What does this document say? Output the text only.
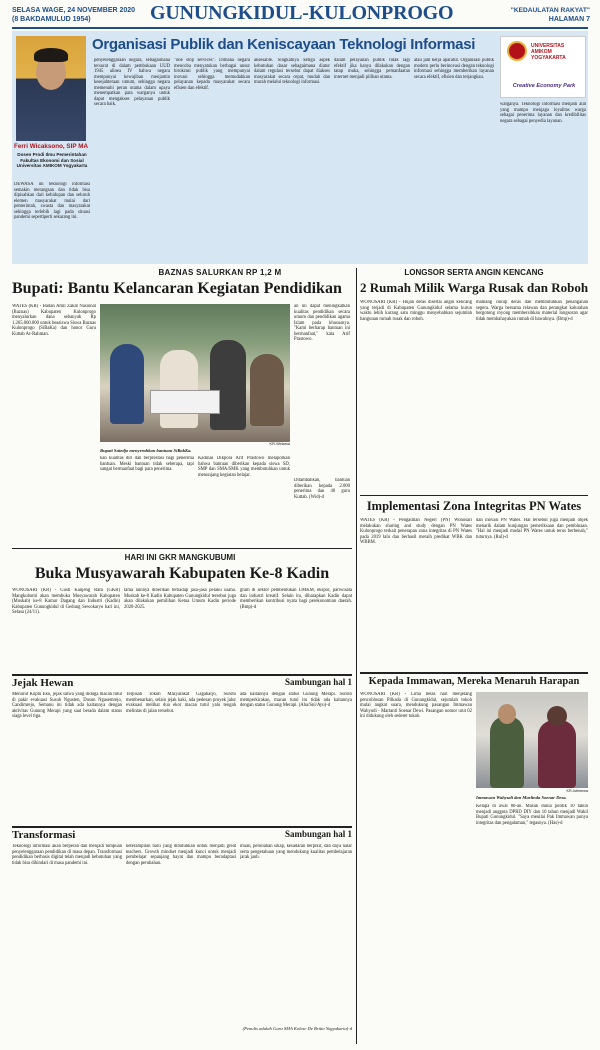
SELASA WAGE, 24 NOVEMBER 2020
(8 BAKDAMULUD 1954)	GUNUNGKIDUL-KULONPROGO	"KEDAULATAN RAKYAT"
HALAMAN 7
Organisasi Publik dan Keniscayaan Teknologi Informasi
Ferri Wicaksono, SIP MA
Dosen Prodi Ilmu Pemerintahan Fakultas Ekonomi dan Sosial Universitas AMIKOM Yogyakarta
DEWASA ini teknologi informasi semakin merangsan dan tidak bisa dipisahkan dari kehidupan dan seluruh elemen masyarakat mulai dari pemerintah, swasta dan masyarakat sehingga terlebih lagi pada situasi pandemi sepertiperti sekarang ini.
penyelenggaraan negara, sebagaimana tersurat di dalam pembukaan UUD 1945 alinea IV bahwa negara mempunyai kewajiban menjamin kesejahteraan umum, sehingga negara memenuhi peran utama dalam upaya menempatkan para warganya untuk dapat mengakses pelayanan publik secara baik.
"one stop services". Dimana negara mencoba menyatukan berbagai unsur birokrasi publik yang mempunyai inovasi sehingga memudahkan pelayanan kepada masyarakat secara efisien dan efektif.
aksesable. Singkatnya ketiga aspek kebutuhan dasar sebagaimana diatur dalam regulasi tersebut dapat diakses masyarakat secara cepat, mudah dan murah melalui teknologi informasi.
dalam pelayanan publik tidak lagi efektif jika hanya dilakukan dengan tatap muka, sehingga pemanfaatan internet menjadi pilihan utama.
atau jam kerja aparatur. Organisasi publik modern perlu berinovasi dengan teknologi informasi sehingga memberikan layanan secara efektif, efisien dan terjangkau.
UNIVERSITAS AMIKOM YOGYAKARTA
Creative Economy Park
warganya. Teknologi informasi menjadi alat yang mampu menjaga loyalitas warga sebagai penerima layanan dan kredibilitas negara sebagai penyedia layanan.
BAZNAS SALURKAN RP 1,2 M
Bupati: Bantu Kelancaran Kegiatan Pendidikan
WATES (KR) - Badan Amil Zakat Nasional (Baznas) Kabupaten Kulonprogo menyalurkan dana sebanyak Rp 1.265.060.000 untuk beasiswa Siswa Baznas Kulonprogo (SiBaKa) dan honor Guru Kuttab Ar-Rahman.
KR-Widarsa
Bupati Sutedjo menyerahkan bantuan SiBakKa.
kan kualitas diri dan berprestasi bagi penerima bantuan. Meski bantuan tidak seberapa, tapi sangat bermanfaat bagi para penerima.
Kadinas Dikpora Arif Prastowo melaporkan bahwa bantuan diberikan kepada siswa SD, SMP dan SMA/SMK yang membutuhkan untuk menunjang kegiatan belajar.
an ini dapat meningkatkan kualitas pendidikan secara umum dan pendidikan agama Islam pada khususnya. "Kami berharap bantuan ini bermanfaat," kata Arif Prastowo.
Ditambahkan, bantuan diberikan kepada 2.000 penerima dan 40 guru Kuttab. (Wid)-d
HARI INI GKR MANGKUBUMI
Buka Musyawarah Kabupaten Ke-8 Kadin
WONOSARI (KR) - Gusti Kanjeng Ratu (GKR) Mangkubumi akan membuka Musyawarah Kabupaten (Muskab) ke-8 Kamar Dagang dan Industri (Kadin) Kabupaten Gunungkidul di Gedung Sewokaryo hari ini, Selasa (24/11).
tama lainnya diberikan terhadap jasa-jasa pelaku usaha. Muskab ke-8 Kadin Kabupaten Gunungkidul tersebut juga akan dilakukan pemilihan Ketua Umum Kadin periode 2020-2025.
gram di sektor pembentukan UMKM, ekspor, pariwisata dan industri kreatif. Selain itu, diharapkan Kadin dapat memberikan kontribusi nyata bagi perekonomian daerah. (Bmp)-d
Jejak Hewan	Sambungan hal 1
Menurut Koptu Eko, jejak satwa yang diduga macan tutul di pakir evakuasi Susuh Ngusten, Dusun Ngasemrejo, Candimrejo, Semanu ini tidak ada kaitannya dengan aktivitas Gunung Merapi yang saat berada dalam status siaga level tiga.
Terpisah Tokoh Masyarakat Gagaharjo, Suroto membenarkan, selain jejak kaki, ada pedesan proyek jalur evakuasi melihat dua ekor macan tutul yalu tengah melintas di jalan tersebut.
ada kaitannya dengan status Gunung Merapi. Suroto memperkirakan, macan tutul itu tidak ada kaitannya dengan status Gunung Merapi. (Aha/Sni/Ayu)-d
Transformasi	Sambungan hal 1
Teknologi informasi akan berperan dan menjadi tumpuan penyelenggaraan pendidikan di masa depan. Transformasi pendidikan berbasis digital telah menjadi kebutuhan yang tidak bisa dihindari di masa pandemi ini.
keterampilan baru yang dibutuhkan untuk menjadi great teachers. Growth mindset menjadi kunci untuk menjadi pembelajar sepanjang hayat dan mampu beradaptasi dengan perubahan.
muan, perubahan sikap, kesadaran berpikir, dan daya nalar serta pengetahuan yang mendukung kualitas pembelajaran jarak jauh.
(Penulis adalah Guru SMA Kolese De Britto Yogyakarta)-d
LONGSOR SERTA ANGIN KENCANG
2 Rumah Milik Warga Rusak dan Roboh
WONOSARI (KR) - Hujan deras disertai angin kencang yang terjadi di Kabupaten Gunungkidul selama kurun waktu lebih kurang satu minggu menyebabkan sejumlah bangunan rumah rusak dan roboh.
mamang cukup deras dan membutuhkan penanganan segera. Warga bersama relawan dan perangkat kalurahan bergotong royong membersihkan material longsoran agar tidak membahayakan rumah di bawahnya. (Bmp)-d
Implementasi Zona Integritas PN Wates
WATES (KR) - Pengadilan Negeri (PN) Wonosari melakukan sharing and study dengan PN Wates Kulonprogo terkait penerapan zona integritas di PN Wates pada 2019 lalu dan berhasil meraih predikat WBK dan WBBM.
dan inovasi PN Wates. Hal tersebut juga menjadi objek menarik dalam kunjungan pemeriksaan dan pembinaan. "Hal ini menjadi modal PN Wates untuk terus berbenah," tuturnya. (Rul)-d
Kepada Immawan, Mereka Menaruh Harapan
WONOSARI (KR) - Lima belas hari menjelang pencoblosan Pilkada di Gunungkidul, sejumlah tokoh mulai angkat suara, mendukung pasangan Immawan Wahyudi - Martanti Soenar Dewi. Pasangan nomor urut 02 ini didukung oleh sederet tokoh.
KR-Istimewa
Immawan Wahyudi dan Marlinda Soenar Desa.
Kelapa di awal 80-an. Masuk dunia politik 10 tahun menjadi anggota DPRD DIY dan 10 tahun menjadi Wakil Bupati Gunungkidul. "Saya menilai Pak Immawan punya integritas dan pengalaman," tegasnya. (Has)-d
